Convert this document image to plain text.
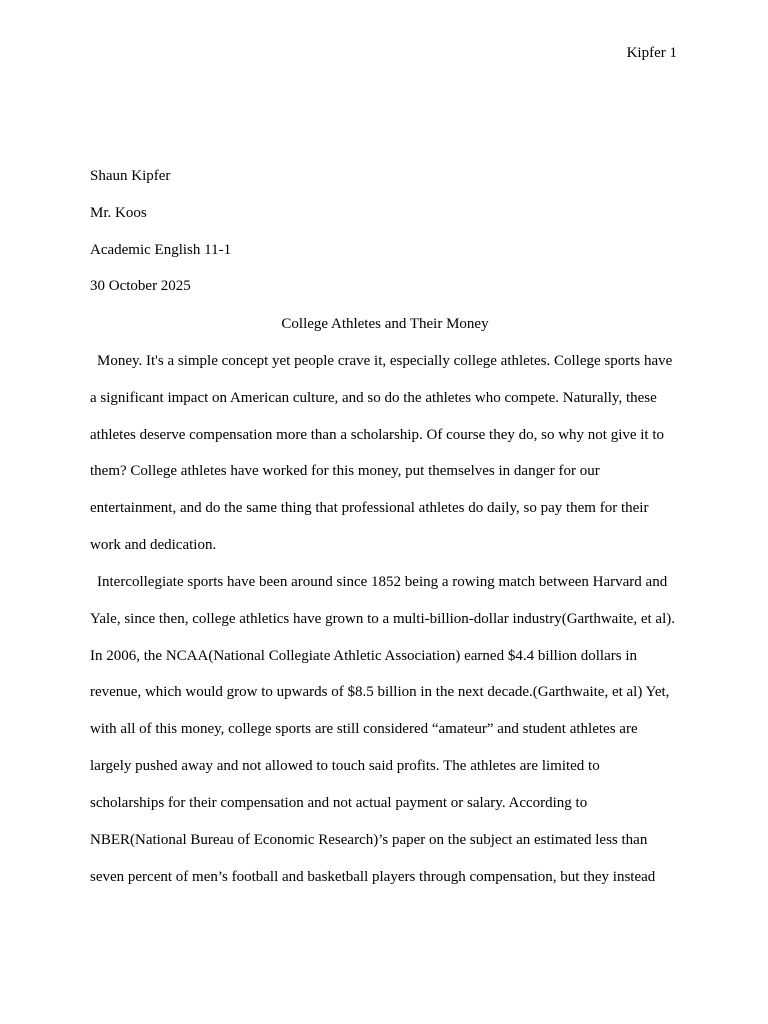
Kipfer 1
Shaun Kipfer
Mr. Koos
Academic English 11-1
30 October 2025
College Athletes and Their Money
Money. It's a simple concept yet people crave it, especially college athletes. College sports have
a significant impact on American culture, and so do the athletes who compete. Naturally, these
athletes deserve compensation more than a scholarship. Of course they do, so why not give it to
them? College athletes have worked for this money, put themselves in danger for our
entertainment, and do the same thing that professional athletes do daily, so pay them for their
work and dedication.
Intercollegiate sports have been around since 1852 being a rowing match between Harvard and
Yale, since then, college athletics have grown to a multi-billion-dollar industry(Garthwaite, et al).
In 2006, the NCAA(National Collegiate Athletic Association) earned $4.4 billion dollars in
revenue, which would grow to upwards of $8.5 billion in the next decade.(Garthwaite, et al) Yet,
with all of this money, college sports are still considered “amateur” and student athletes are
largely pushed away and not allowed to touch said profits. The athletes are limited to
scholarships for their compensation and not actual payment or salary. According to
NBER(National Bureau of Economic Research)’s paper on the subject an estimated less than
seven percent of men’s football and basketball players through compensation, but they instead
